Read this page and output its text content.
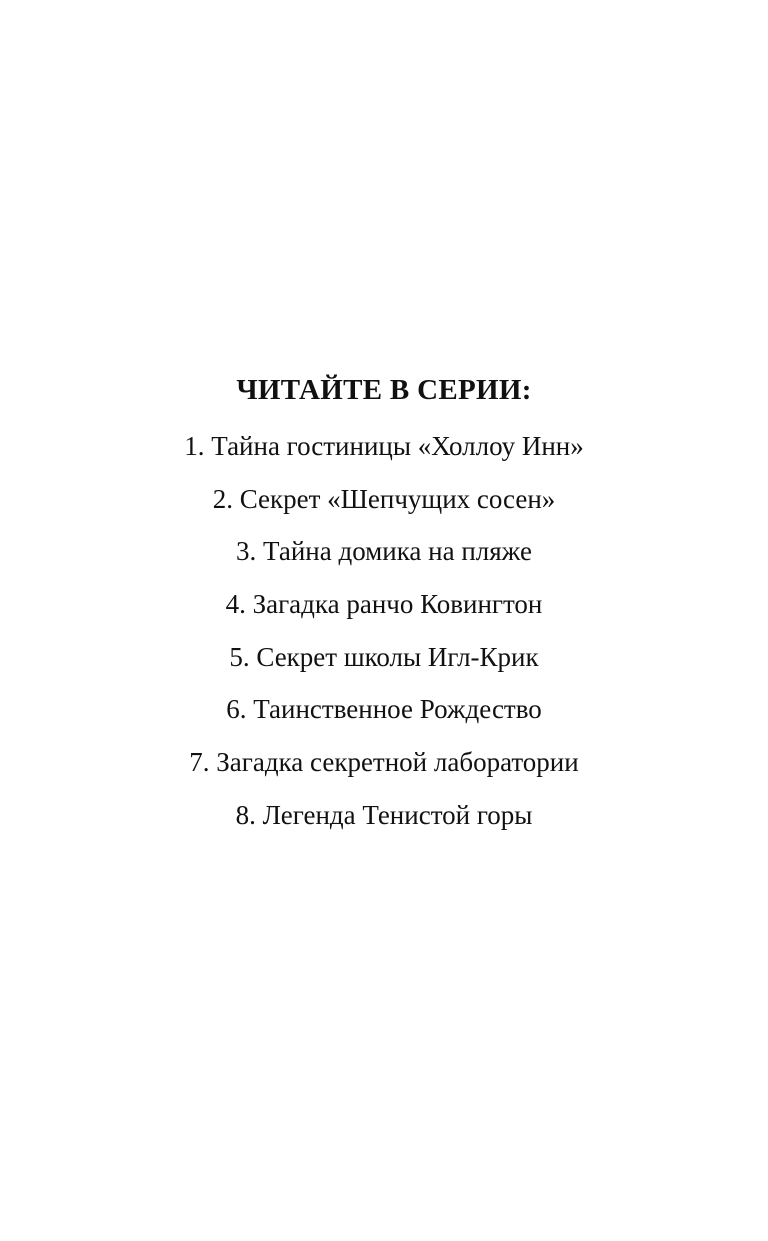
ЧИТАЙТЕ В СЕРИИ:
1. Тайна гостиницы «Холлоу Инн»
2. Секрет «Шепчущих сосен»
3. Тайна домика на пляже
4. Загадка ранчо Ковингтон
5. Секрет школы Игл-Крик
6. Таинственное Рождество
7. Загадка секретной лаборатории
8. Легенда Тенистой горы
